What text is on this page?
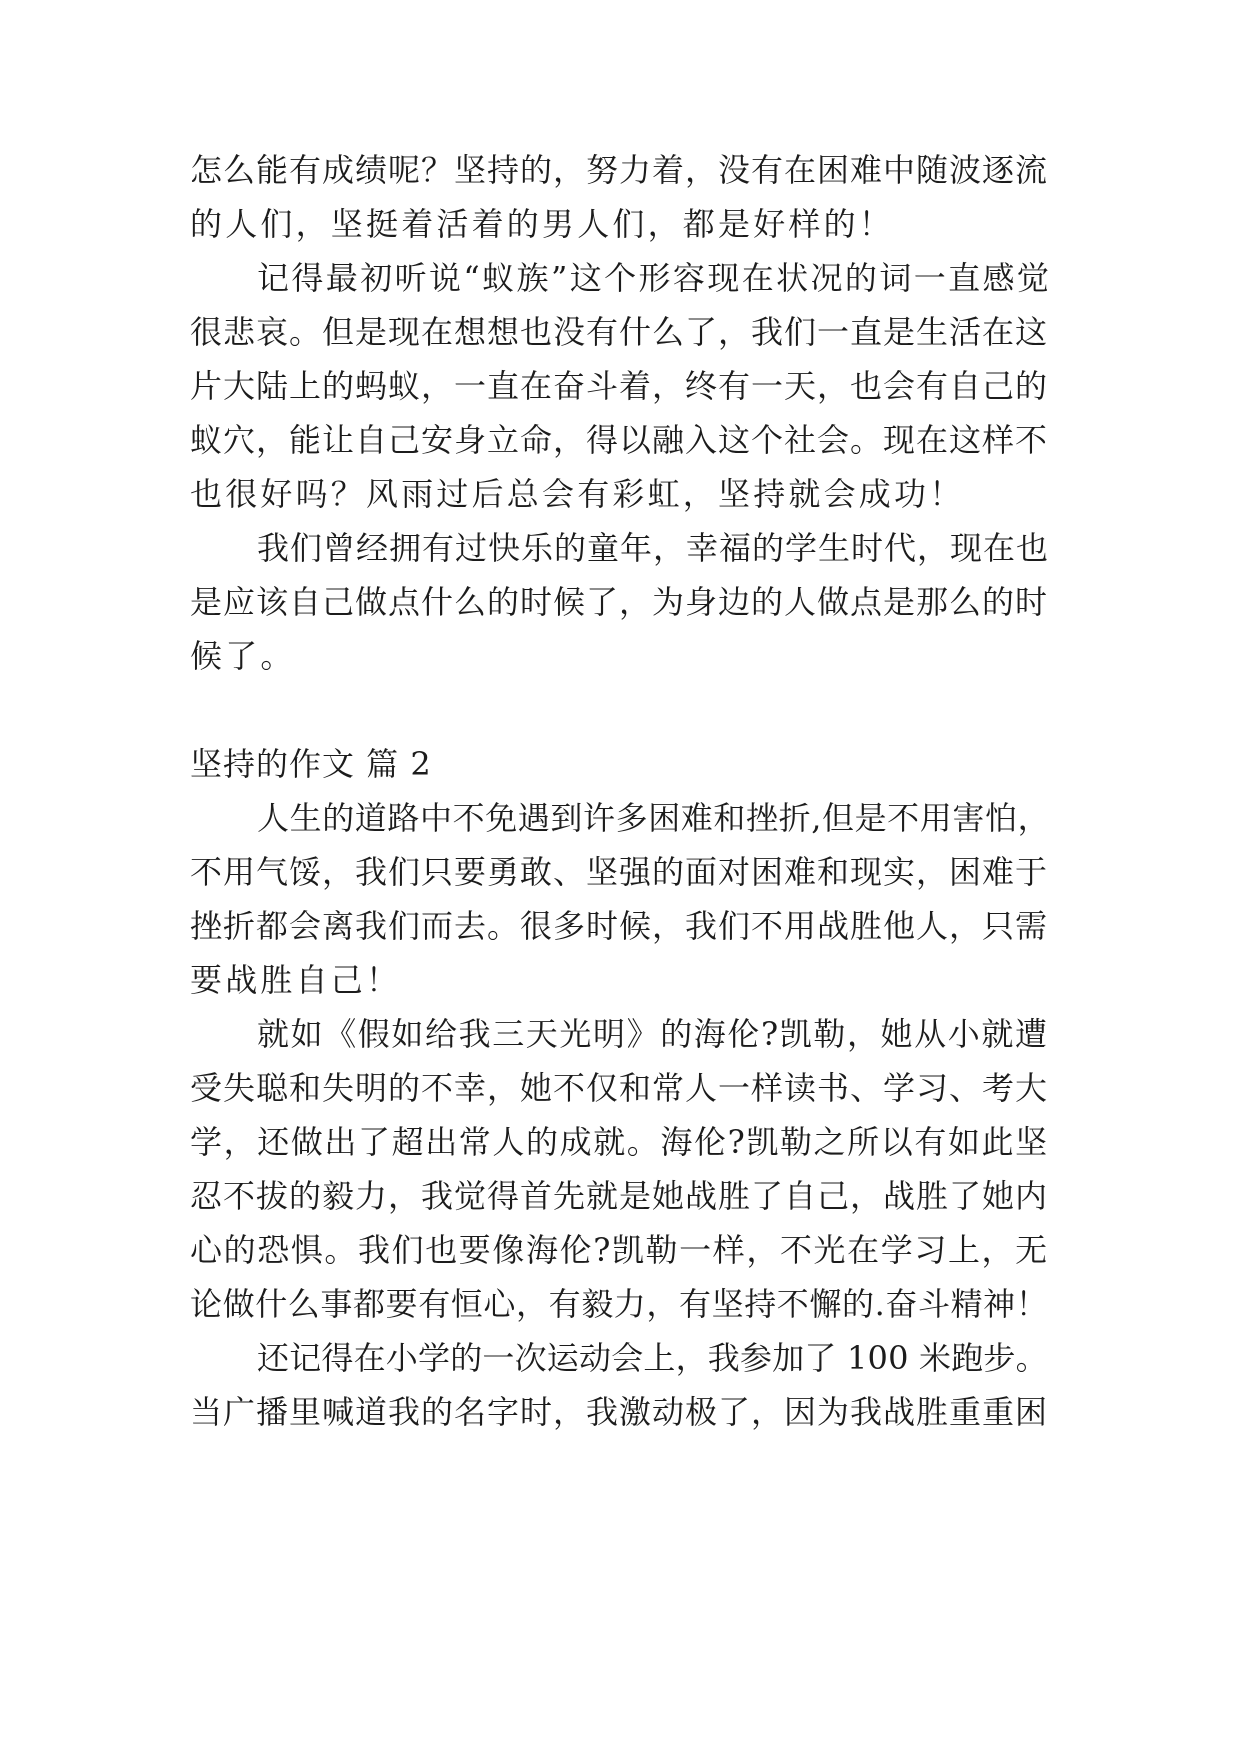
怎么能有成绩呢？坚持的，努力着，没有在困难中随波逐流

的人们，坚挺着活着的男人们，都是好样的！

记得最初听说“蚁族”这个形容现在状况的词一直感觉

很悲哀。但是现在想想也没有什么了，我们一直是生活在这

片大陆上的蚂蚁，一直在奋斗着，终有一天，也会有自己的

蚁穴，能让自己安身立命，得以融入这个社会。现在这样不

也很好吗？风雨过后总会有彩虹，坚持就会成功！

我们曾经拥有过快乐的童年，幸福的学生时代，现在也

是应该自己做点什么的时候了，为身边的人做点是那么的时

候了。

坚持的作文 篇 2

人生的道路中不免遇到许多困难和挫折,但是不用害怕，

不用气馁，我们只要勇敢、坚强的面对困难和现实，困难于

挫折都会离我们而去。很多时候，我们不用战胜他人，只需

要战胜自己！

就如《假如给我三天光明》的海伦?凯勒，她从小就遭

受失聪和失明的不幸，她不仅和常人一样读书、学习、考大

学，还做出了超出常人的成就。海伦?凯勒之所以有如此坚

忍不拔的毅力，我觉得首先就是她战胜了自己，战胜了她内

心的恐惧。我们也要像海伦?凯勒一样，不光在学习上，无

论做什么事都要有恒心，有毅力，有坚持不懈的.奋斗精神！

还记得在小学的一次运动会上，我参加了 100 米跑步。

当广播里喊道我的名字时，我激动极了，因为我战胜重重困
